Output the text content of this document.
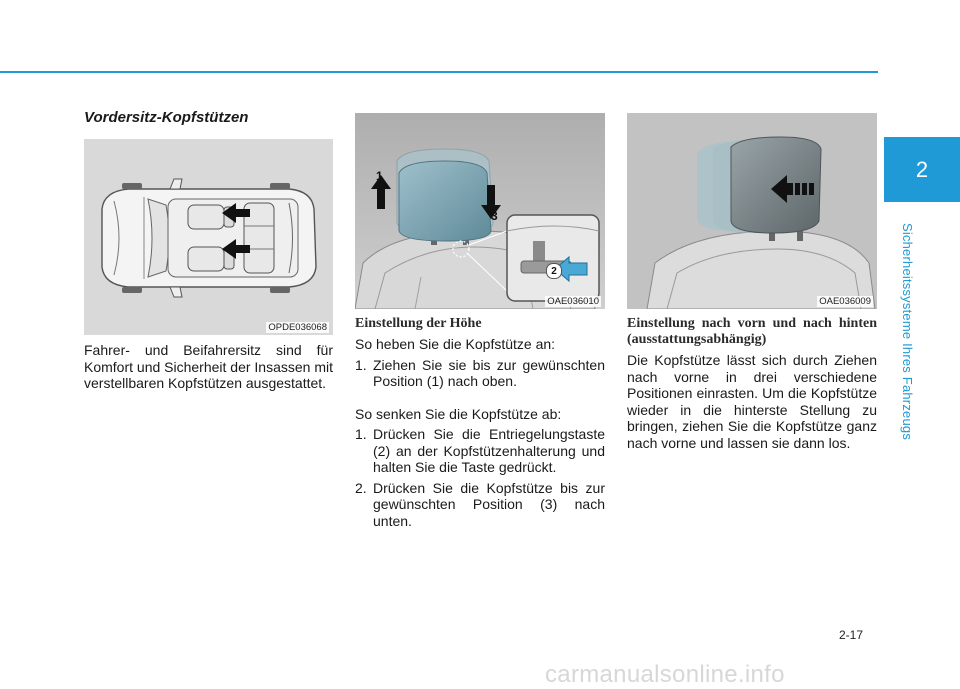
2
Sicherheitssysteme Ihres Fahrzeugs
Vordersitz-Kopfstützen
OPDE036068
1
2
3
OAE036010	OAE036009

Fahrer- und Beifahrersitz sind für Komfort und Sicherheit der Insassen mit verstellbaren Kopfstützen ausgestattet.

Einstellung der Höhe

So heben Sie die Kopfstütze an:

1. Ziehen Sie sie bis zur gewünschten Position (1) nach oben.

So senken Sie die Kopfstütze ab:

1. Drücken Sie die Entriegelungstaste (2) an der Kopfstützenhalterung und halten Sie die Taste gedrückt.
2. Drücken Sie die Kopfstütze bis zur gewünschten Position (3) nach unten.
Einstellung nach vorn und nach hinten (ausstattungsabhängig)

Die Kopfstütze lässt sich durch Ziehen nach vorne in drei verschiedene Positionen einrasten. Um die Kopfstütze wieder in die hinterste Stellung zu bringen, ziehen Sie die Kopfstütze ganz nach vorne und lassen sie dann los.

2-17
carmanualsonline.info
